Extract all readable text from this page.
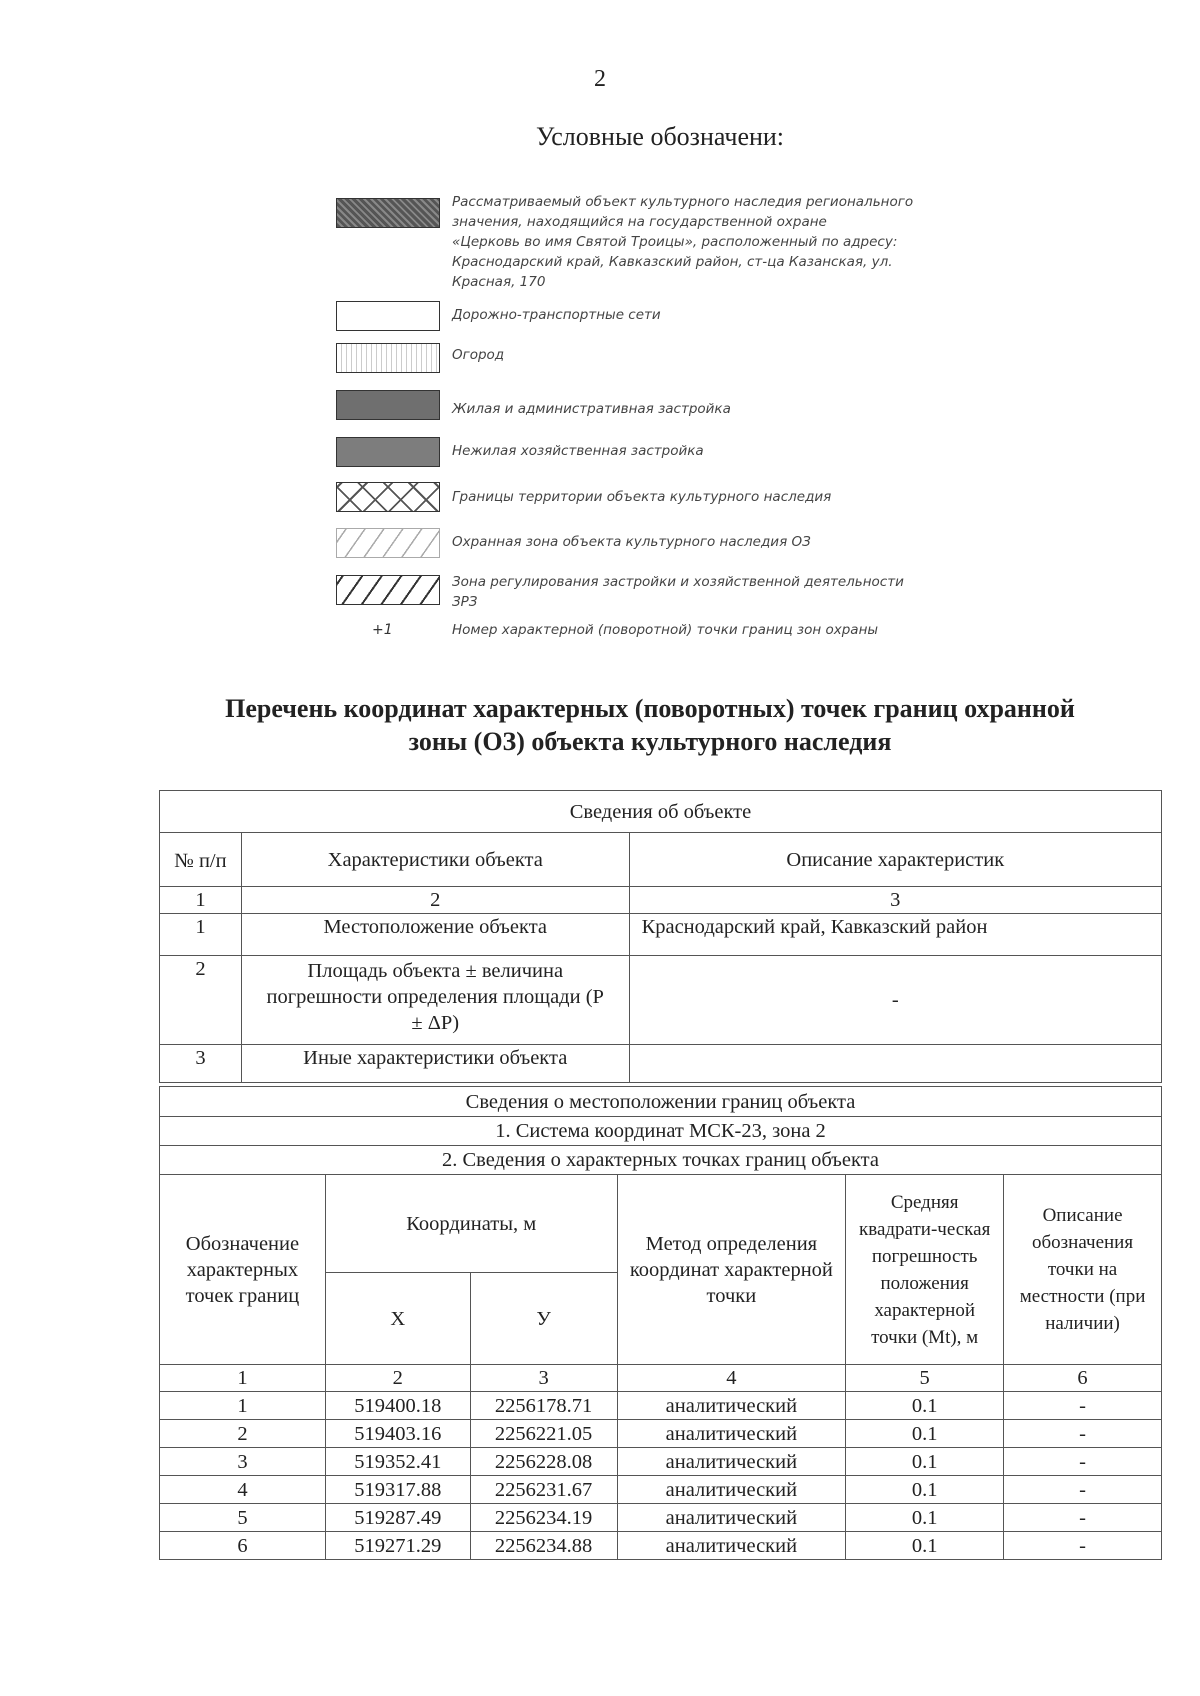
2
Условные обозначени:
Рассматриваемый объект культурного наследия регионального
значения, находящийся на государственной охране
«Церковь во имя Святой Троицы», расположенный по адресу:
Краснодарский край, Кавказский район, ст-ца Казанская, ул.
Красная, 170
Дорожно-транспортные сети
Огород
Жилая и административная застройка
Нежилая хозяйственная застройка
Границы территории объекта культурного наследия
Охранная зона объекта культурного наследия ОЗ
Зона регулирования застройки и хозяйственной деятельности
ЗРЗ
+1	Номер характерной (поворотной) точки границ зон охраны
Перечень координат характерных (поворотных) точек границ охранной
зоны (ОЗ) объекта культурного наследия
Сведения об объекте		
№ п/п	Характеристики объекта	Описание характеристик
1	2	3
1	Местоположение объекта	Краснодарский край, Кавказский район
2	Площадь объекта ± величина погрешности определения площади (P ± ΔP)	-
3	Иные характеристики объекта	
Сведения о местоположении границ объекта					
1. Система координат МСК-23, зона 2					
2. Сведения о характерных точках границ объекта					
Обозначение характерных точек границ	Координаты, м		Метод определения координат характерной точки	Средняя квадрати-ческая погрешность положения характерной точки (Mt), м	Описание обозначения точки на местности (при наличии)
	X	У			
1	2	3	4	5	6
1	519400.18	2256178.71	аналитический	0.1	-
2	519403.16	2256221.05	аналитический	0.1	-
3	519352.41	2256228.08	аналитический	0.1	-
4	519317.88	2256231.67	аналитический	0.1	-
5	519287.49	2256234.19	аналитический	0.1	-
6	519271.29	2256234.88	аналитический	0.1	-
